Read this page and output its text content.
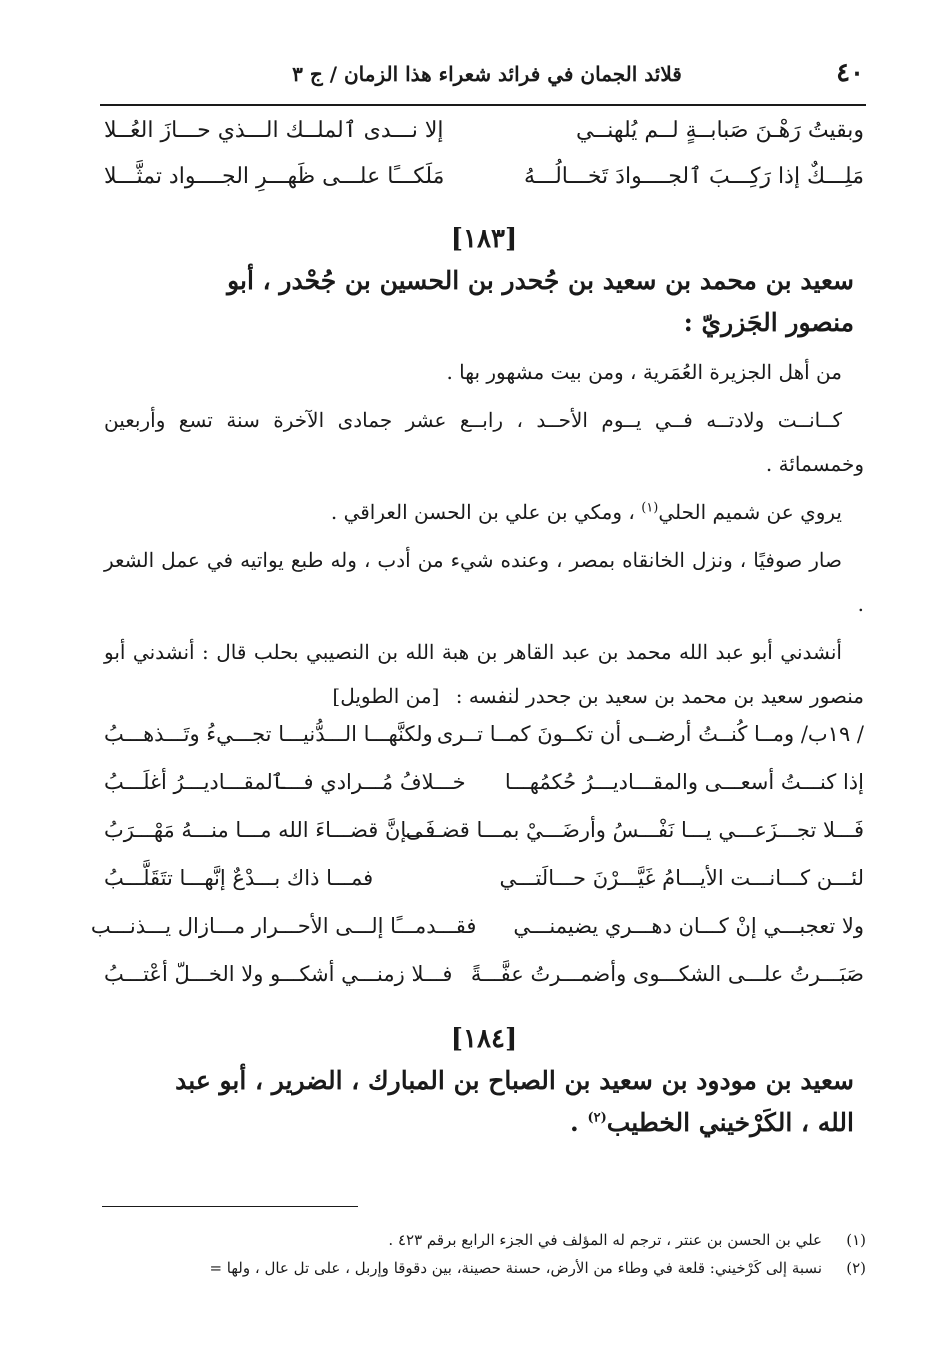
٤٠
قلائد الجمان في فرائد شعراء هذا الزمان / ج ٣
وبقيتُ رَهْـنَ صَبابــةٍ لــم يُلهنــي
إلا نـــدى ٱلملــك الـــذي حـــازَ العُــلا
مَلِـــكٌ إذا رَكِـــبَ ٱلجــــوادَ تَخـــالُـــهُ
مَلَكـــًا علـــى ظَهـــرِ الجــــواد تمثَّـــلا
[١٨٣]
سعيد بن محمد بن سعيد بن جُحدر بن الحسين بن جُحْدر ، أبو منصور الجَزريّ :

من أهل الجزيرة العُمَرية ، ومن بيت مشهور بها .

كــانــت ولادتــه فــي يــوم الأحــد ، رابــع عشر جمادى الآخرة سنة تسع وأربعين وخمسمائة .

يروي عن شميم الحلي$^{(١)}$ ، ومكي بن علي بن الحسن العراقي .

صار صوفيًا ، ونزل الخانقاه بمصر ، وعنده شيء من أدب ، وله طبع يواتيه في عمل الشعر .

أنشدني أبو عبد الله محمد بن عبد القاهر بن هبة الله بن النصيبي بحلب قال : أنشدني أبو منصور سعيد بن محمد بن سعيد بن جحدر لنفسه : [من الطويل]

/ ١٩ب/ ومــا كُنــتُ أرضــى أن تكــونَ كمــا تــرى
ولكنَّهـــا الـــدُّنيـــا تجـــيءُ وتَـــذهـــبُ
إذا كنـــتُ أسعـــى والمقـــاديـــرُ حُكمُهـــا
خـــلافُ مُـــرادي فـــٱلمقـــاديـــرُ أغلَـــبُ
فَـــلا تجـــزَعـــي يـــا نَفْـــسُ وأرضَـــيْ بمـــا قضـــى
فَـــإنَّ قضـــاءَ الله مـــا منـــهُ مَهْـــرَبُ
لئـــن كـــانـــت الأيـــامُ غَيَّـــرْنَ حـــالَتـــي
فمـــا ذاك بـــدْعٌ إنَّهـــا تتَقَلَّـــبُ
ولا تعجبـــي إنْ كـــان دهـــري يضيمنـــي
فقـــدمـــًا إلـــى الأحـــرار مـــازال يـــذنـــب
صَبَـــرتُ علـــى الشكـــوى وأضمـــرتُ عفَّـــةً
فـــلا زمنـــي أشكـــو ولا الخـــلّ أعْتـــبُ
[١٨٤]
سعيد بن مودود بن سعيد بن الصباح بن المبارك ، الضرير ، أبو عبد الله ، الكَرْخيني الخطيب$^{(٢)}$ .
(١)
علي بن الحسن بن عنتر ، ترجم له المؤلف في الجزء الرابع برقم ٤٢٣ .
(٢)
نسبة إلى كَرْخيني: قلعة في وطاء من الأرض، حسنة حصينة، بين دقوقا وإربل ، على تل عال ، ولها =
